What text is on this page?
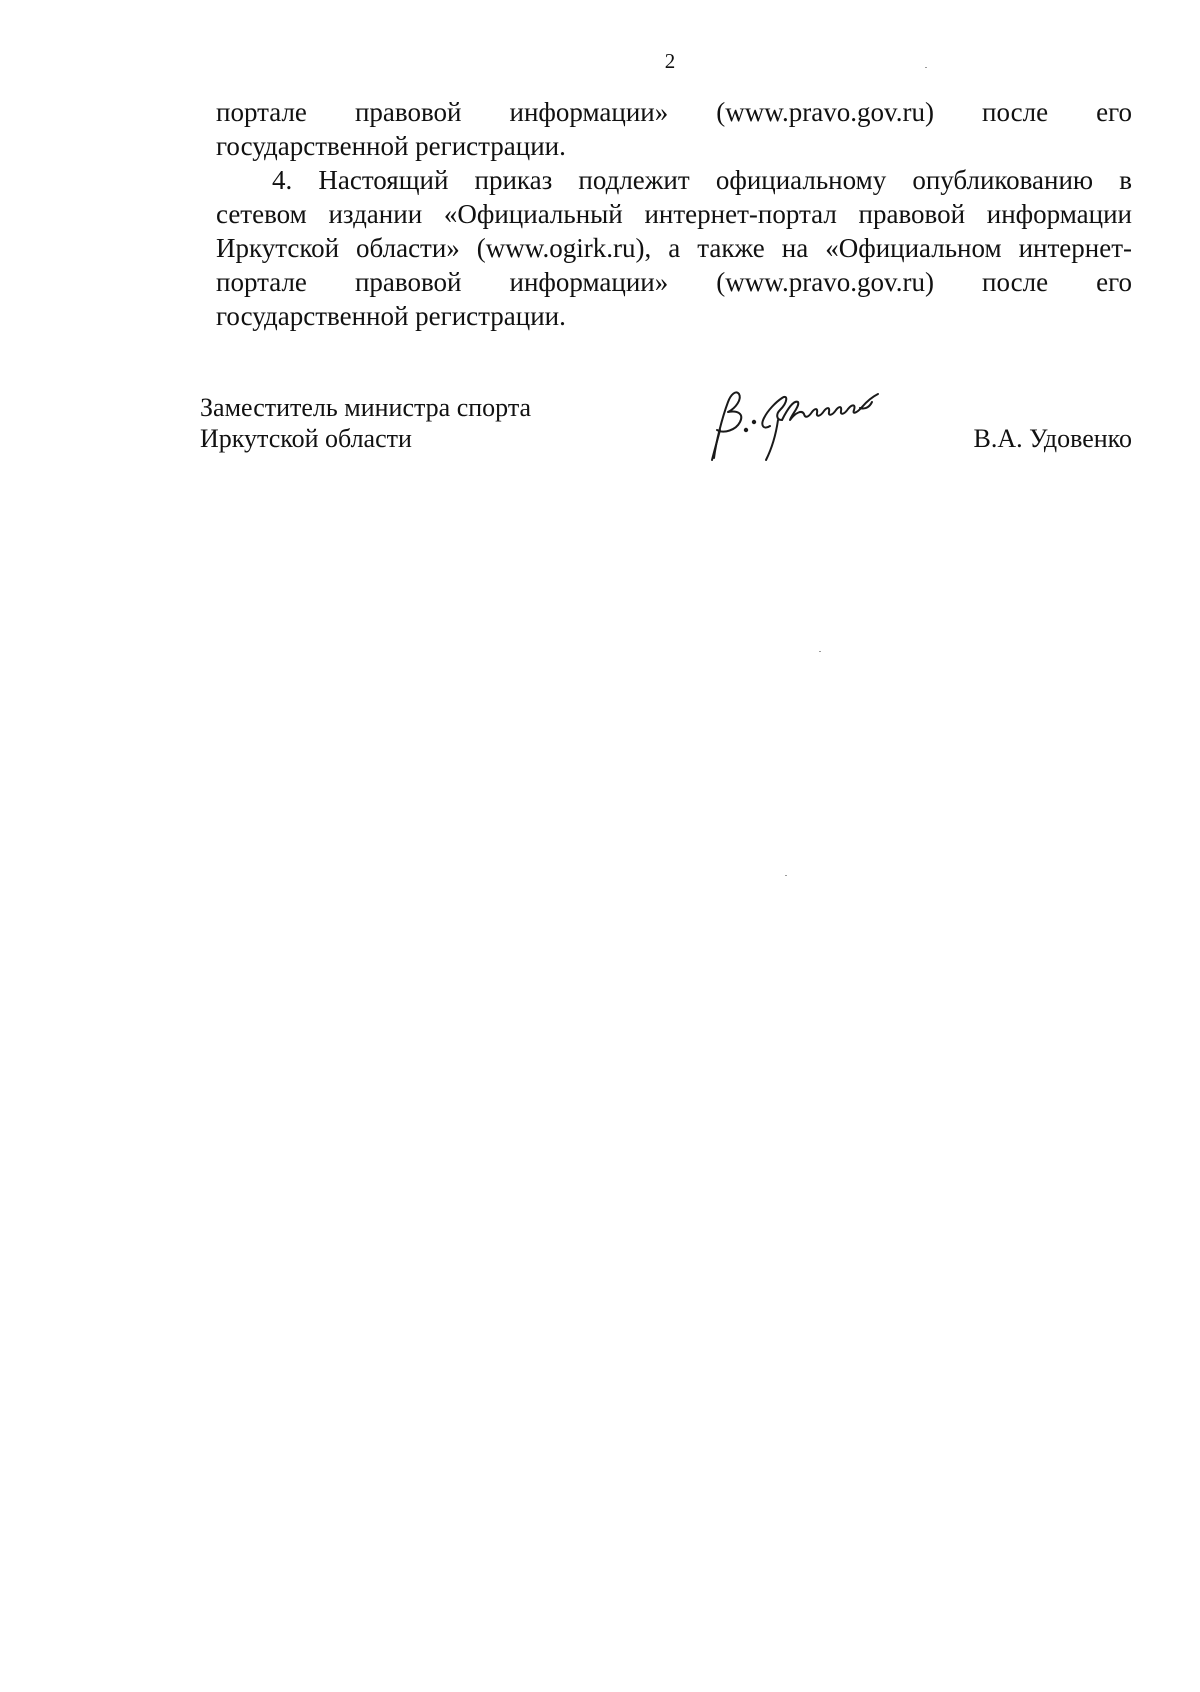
2

портале правовой информации» (www.pravo.gov.ru) после его
государственной регистрации.

4. Настоящий приказ подлежит официальному опубликованию в
сетевом издании «Официальный интернет-портал правовой информации
Иркутской области» (www.ogirk.ru), а также на «Официальном интернет-
портале правовой информации» (www.pravo.gov.ru) после его
государственной регистрации.

Заместитель министра спорта
Иркутской области	В.А. Удовенко
